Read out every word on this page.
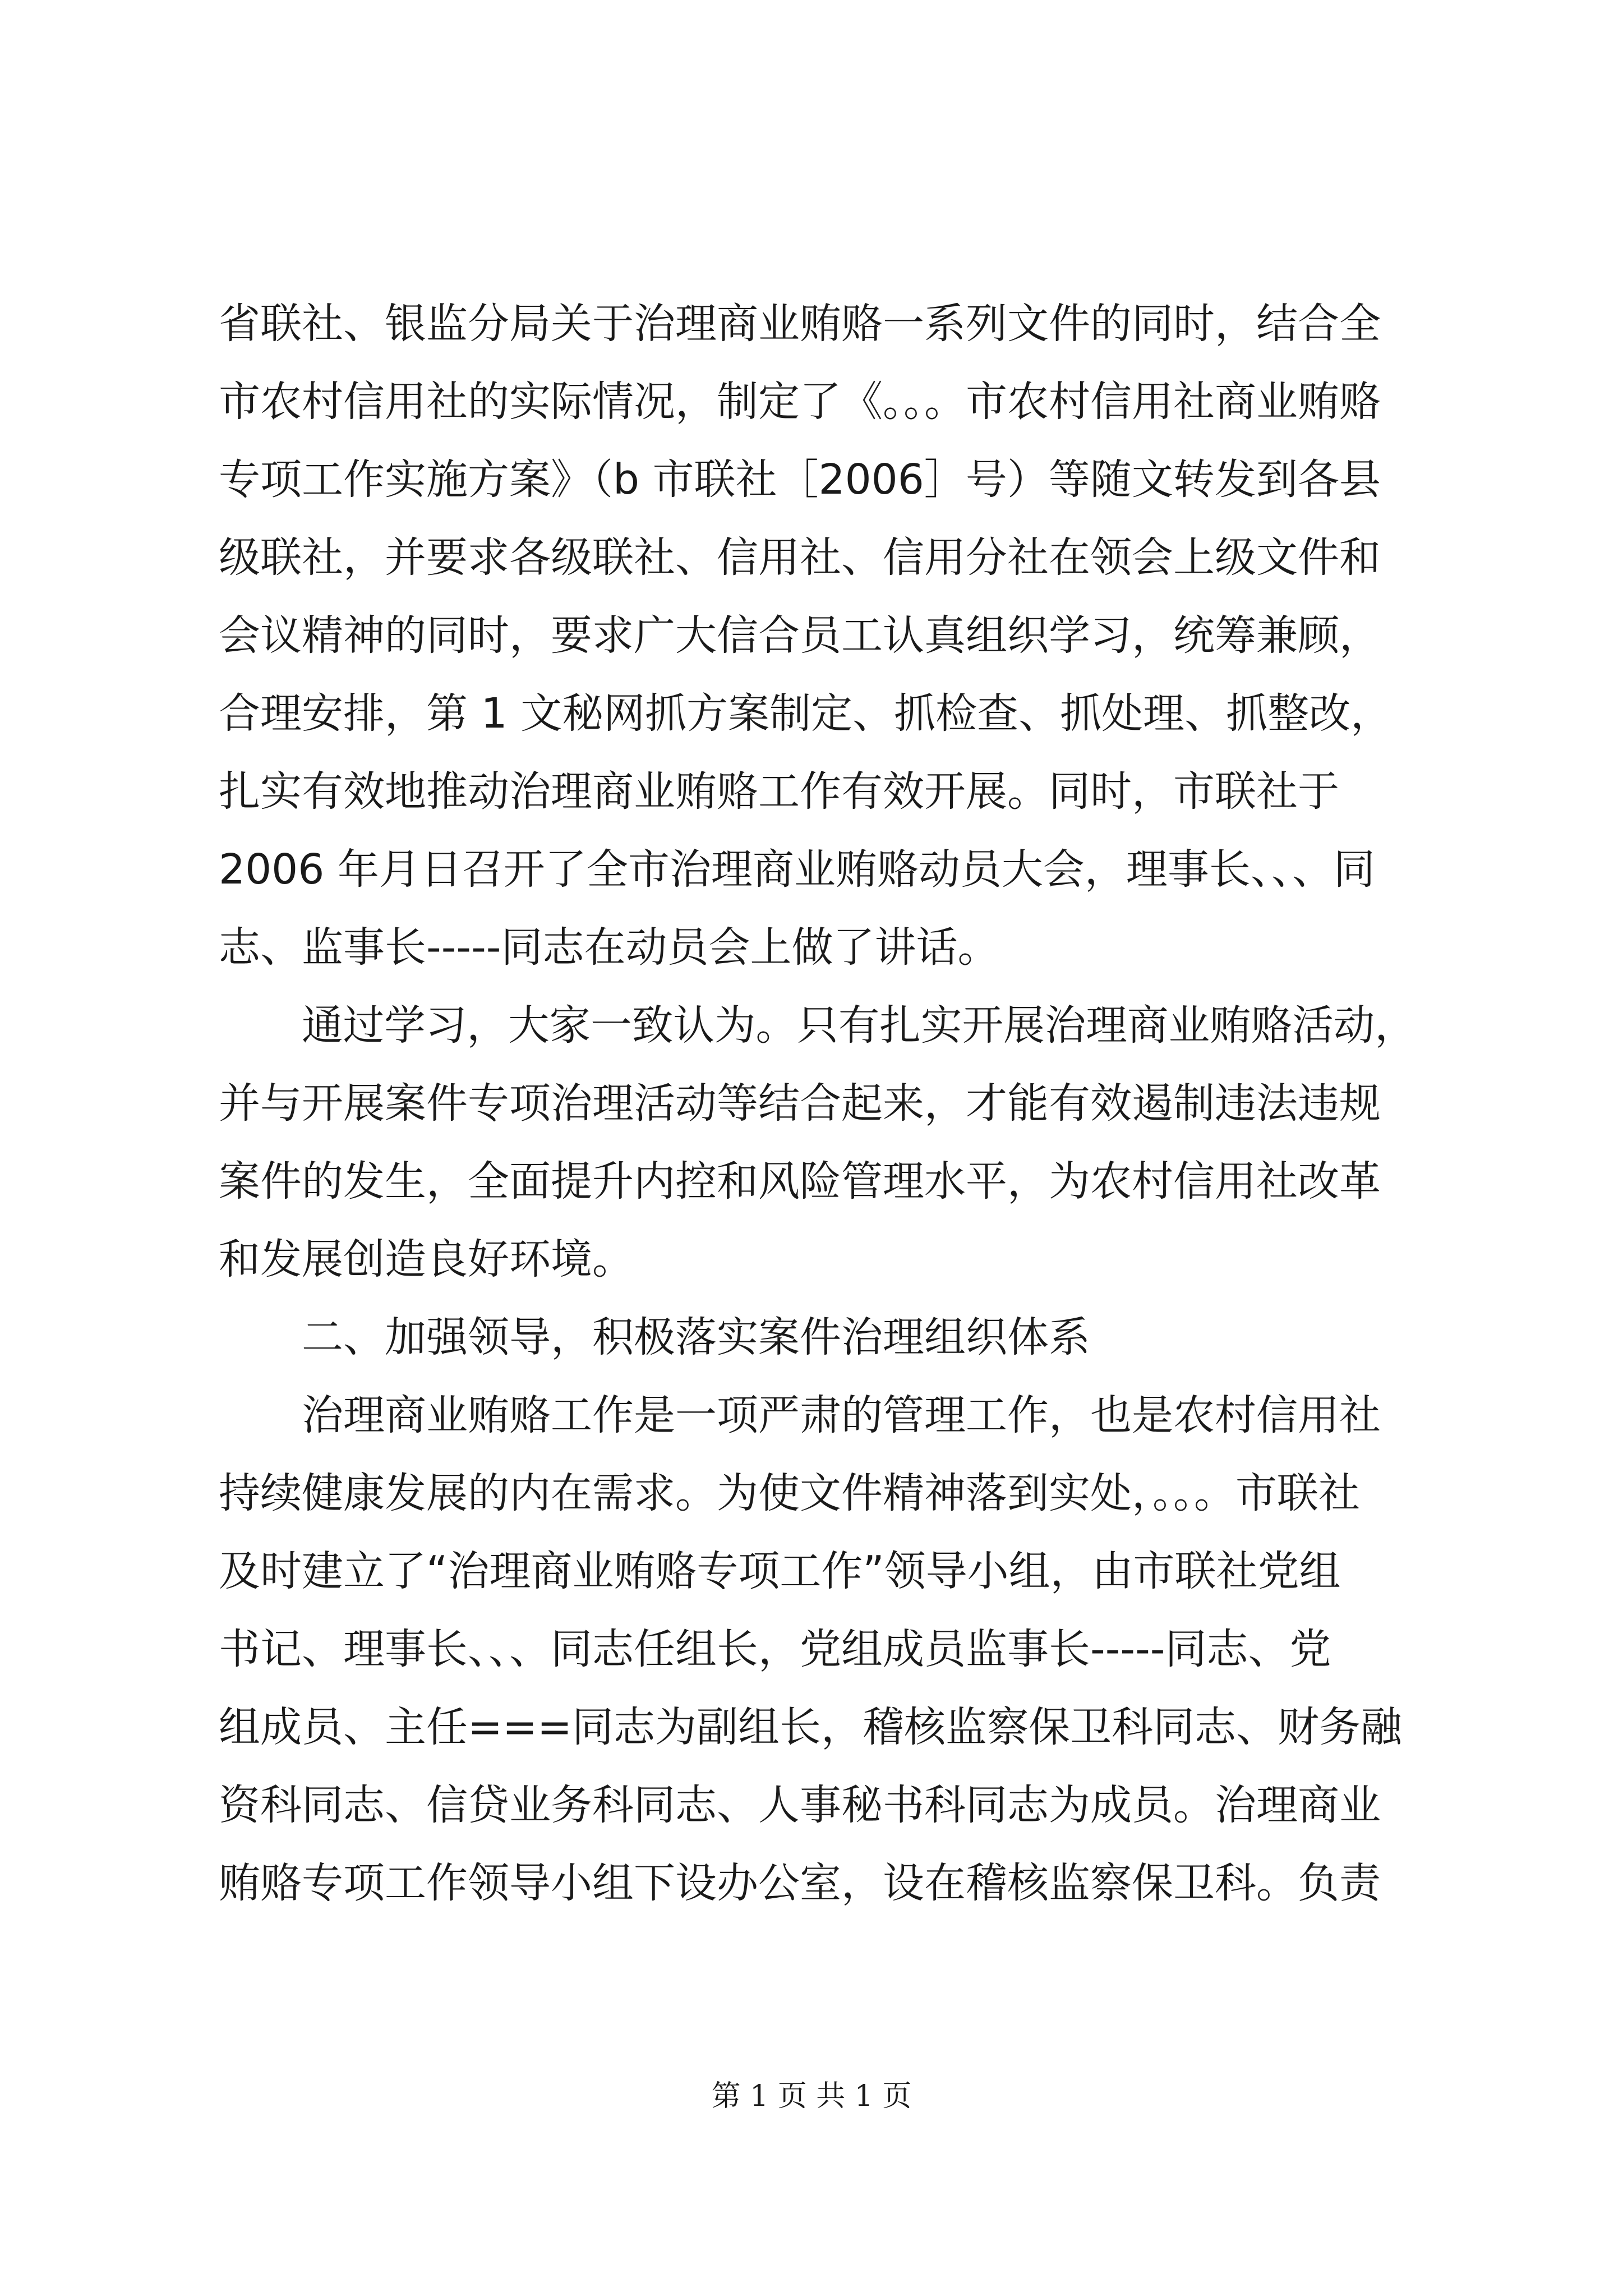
省联社、银监分局关于治理商业贿赂一系列文件的同时，结合全
市农村信用社的实际情况，制定了《。。。市农村信用社商业贿赂
专项工作实施方案》（b 市联社［2006］号）等随文转发到各县
级联社，并要求各级联社、信用社、信用分社在领会上级文件和
会议精神的同时，要求广大信合员工认真组织学习，统筹兼顾，
合理安排，第 1 文秘网抓方案制定、抓检查、抓处理、抓整改，
扎实有效地推动治理商业贿赂工作有效开展。同时，市联社于
2006 年月日召开了全市治理商业贿赂动员大会，理事长、、、同
志、监事长-----同志在动员会上做了讲话。
通过学习，大家一致认为。只有扎实开展治理商业贿赂活动，
并与开展案件专项治理活动等结合起来，才能有效遏制违法违规
案件的发生，全面提升内控和风险管理水平，为农村信用社改革
和发展创造良好环境。
二、加强领导，积极落实案件治理组织体系
治理商业贿赂工作是一项严肃的管理工作，也是农村信用社
持续健康发展的内在需求。为使文件精神落到实处，。。。市联社
及时建立了“治理商业贿赂专项工作”领导小组，由市联社党组
书记、理事长、、、同志任组长，党组成员监事长-----同志、党
组成员、主任===同志为副组长，稽核监察保卫科同志、财务融
资科同志、信贷业务科同志、人事秘书科同志为成员。治理商业
贿赂专项工作领导小组下设办公室，设在稽核监察保卫科。负责
第 1 页 共 1 页
